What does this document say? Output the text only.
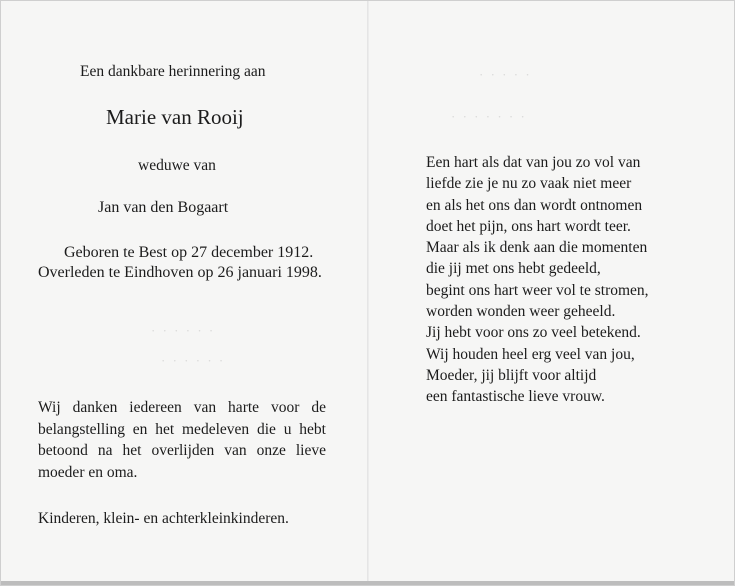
· · · · ·
· · · · · · ·
· · · · · ·
· · · · · ·

Een dankbare herinnering aan

Marie van Rooij

weduwe van

Jan van den Bogaart

Geboren te Best op 27 december 1912.

Overleden te Eindhoven op 26 januari 1998.

Wij danken iedereen van harte voor de
belangstelling en het medeleven die u hebt
betoond na het overlijden van onze lieve
moeder en oma.

Kinderen, klein- en achterkleinkinderen.

Een hart als dat van jou zo vol van
liefde zie je nu zo vaak niet meer
en als het ons dan wordt ontnomen
doet het pijn, ons hart wordt teer.
Maar als ik denk aan die momenten
die jij met ons hebt gedeeld,
begint ons hart weer vol te stromen,
worden wonden weer geheeld.
Jij hebt voor ons zo veel betekend.
Wij houden heel erg veel van jou,
Moeder, jij blijft voor altijd
een fantastische lieve vrouw.
